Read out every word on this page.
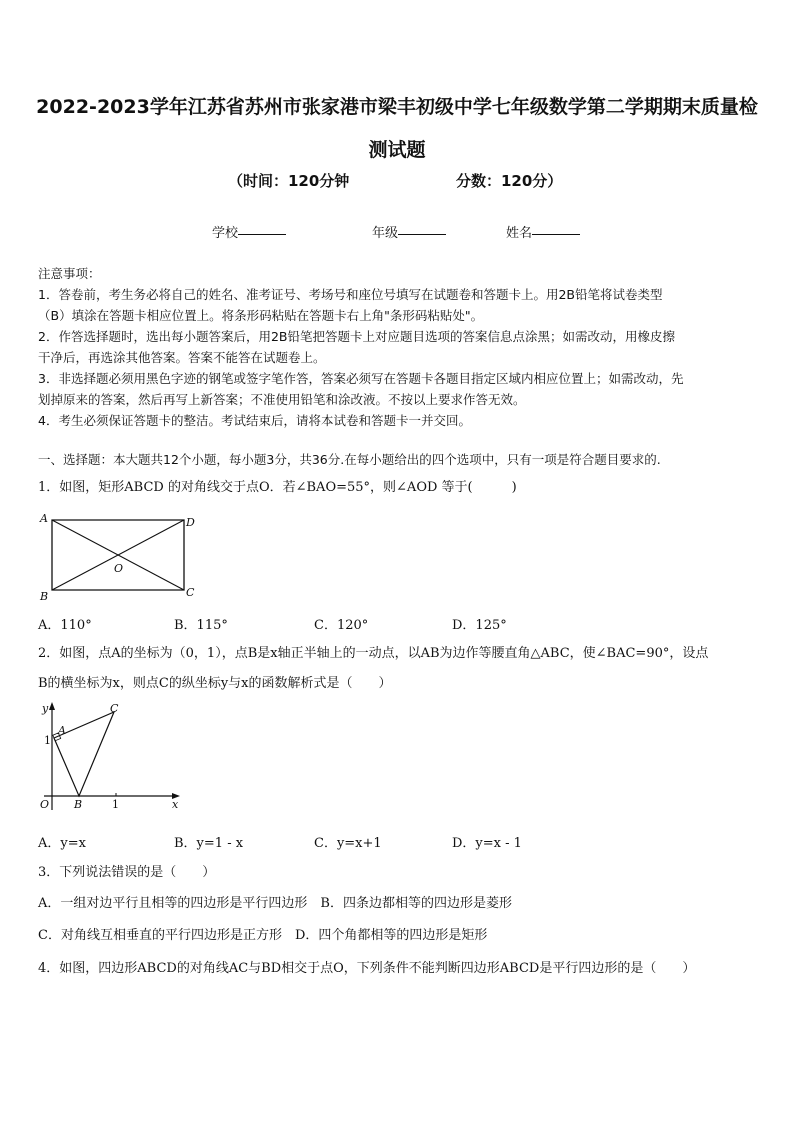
2022-2023学年江苏省苏州市张家港市梁丰初级中学七年级数学第二学期期末质量检
测试题
（时间：120分钟	分数：120分）
学校	年级	姓名

注意事项：

1．答卷前，考生务必将自己的姓名、准考证号、考场号和座位号填写在试题卷和答题卡上。用2B铅笔将试卷类型

（B）填涂在答题卡相应位置上。将条形码粘贴在答题卡右上角"条形码粘贴处"。

2．作答选择题时，选出每小题答案后，用2B铅笔把答题卡上对应题目选项的答案信息点涂黑；如需改动，用橡皮擦

干净后，再选涂其他答案。答案不能答在试题卷上。

3．非选择题必须用黑色字迹的钢笔或签字笔作答，答案必须写在答题卡各题目指定区域内相应位置上；如需改动，先

划掉原来的答案，然后再写上新答案；不准使用铅笔和涂改液。不按以上要求作答无效。

4．考生必须保证答题卡的整洁。考试结束后，请将本试卷和答题卡一并交回。

一、选择题：本大题共12个小题，每小题3分，共36分.在每小题给出的四个选项中，只有一项是符合题目要求的.
1．如图，矩形ABCD 的对角线交于点O．若∠BAO=55°，则∠AOD 等于(　　　)
A	D
B	C
O
A．110°	B．115°	C．120°	D．125°
2．如图，点A的坐标为（0，1），点B是x轴正半轴上的一动点，以AB为边作等腰直角△ABC，使∠BAC=90°，设点
B的横坐标为x，则点C的纵坐标y与x的函数解析式是（　　）
y
x
O B	1
1
A
C
A．y=x	B．y=1 - x	C．y=x+1	D．y=x - 1
3．下列说法错误的是（　　）
A．一组对边平行且相等的四边形是平行四边形　B．四条边都相等的四边形是菱形
C．对角线互相垂直的平行四边形是正方形　D．四个角都相等的四边形是矩形
4．如图，四边形ABCD的对角线AC与BD相交于点O，下列条件不能判断四边形ABCD是平行四边形的是（　　）
